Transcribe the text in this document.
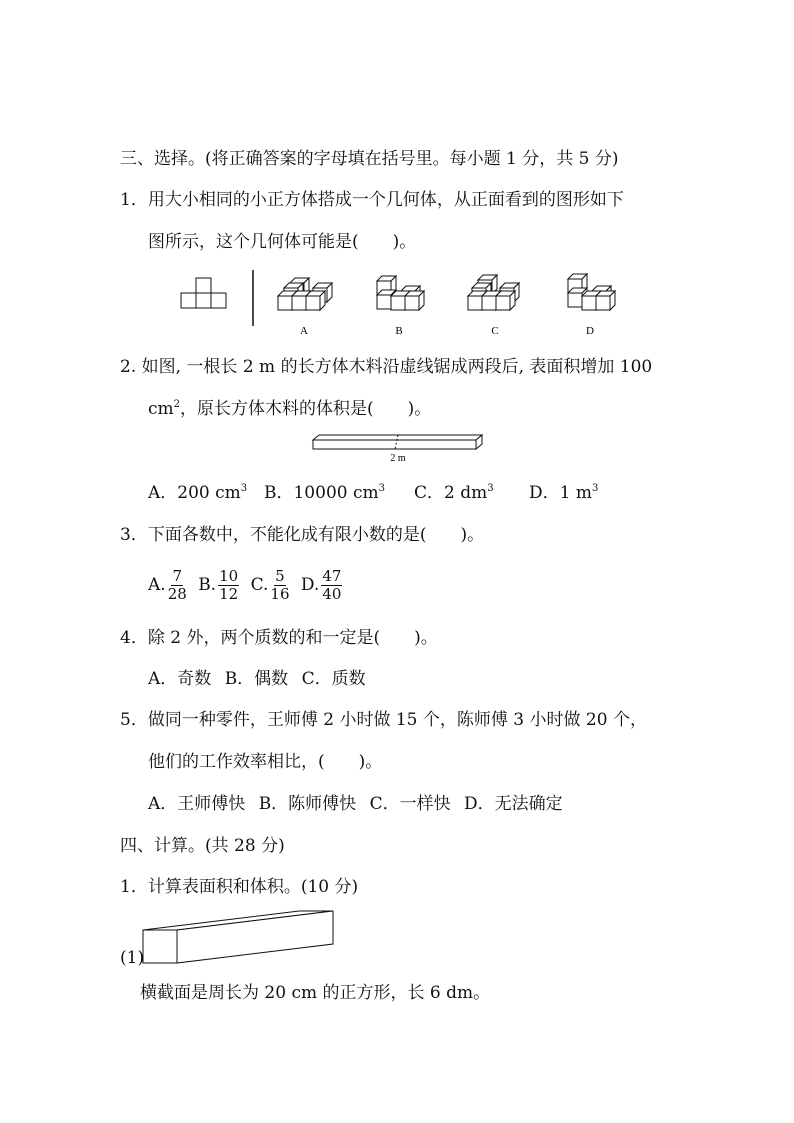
三、选择。(将正确答案的字母填在括号里。每小题 1 分，共 5 分)
1．用大小相同的小正方体搭成一个几何体，从正面看到的图形如下
图所示，这个几何体可能是(　　)。
A	B	C	D
2. 如图, 一根长 2 m 的长方体木料沿虚线锯成两段后, 表面积增加 100
$cm^2$，原长方体木料的体积是(　　)。
2 m
A．200 $cm^3$ B．10000 $cm^3$ C．2 $dm^3$ D．1 $m^3$
3．下面各数中，不能化成有限小数的是(　　)。
A. $\frac{7}{28} B$. $\frac{10}{12} C$. $\frac{5}{16} D$. $\frac{47}{40}$
4．除 2 外，两个质数的和一定是(　　)。
A．奇数 B．偶数 C．质数
5．做同一种零件，王师傅 2 小时做 15 个，陈师傅 3 小时做 20 个，
他们的工作效率相比，(　　)。
A．王师傅快 B．陈师傅快 C．一样快 D．无法确定
四、计算。(共 28 分)
1．计算表面积和体积。(10 分)
(1)
横截面是周长为 20 cm 的正方形，长 6 dm。
